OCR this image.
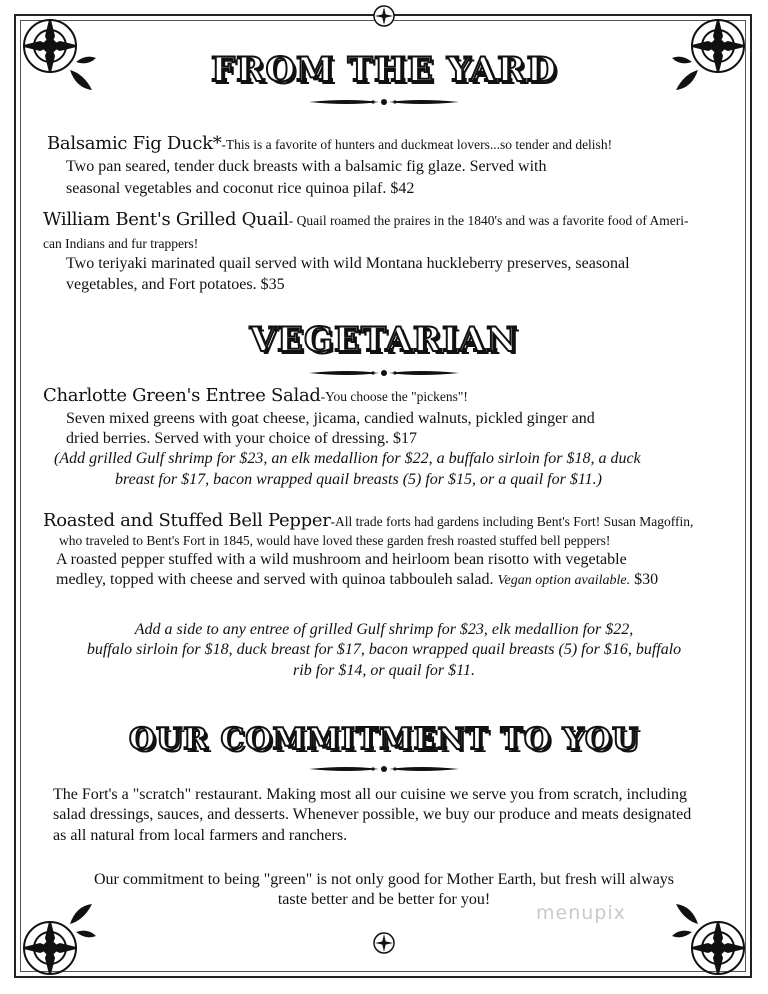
FROM THE YARD
Balsamic Fig Duck*-This is a favorite of hunters and duckmeat lovers...so tender and delish!
Two pan seared, tender duck breasts with a balsamic fig glaze. Served with
seasonal vegetables and coconut rice quinoa pilaf. $42
William Bent's Grilled Quail- Quail roamed the praires in the 1840's and was a favorite food of Ameri-
can Indians and fur trappers!
Two teriyaki marinated quail served with wild Montana huckleberry preserves, seasonal
vegetables, and Fort potatoes. $35
VEGETARIAN
Charlotte Green's Entree Salad-You choose the "pickens"!
Seven mixed greens with goat cheese, jicama, candied walnuts, pickled ginger and
dried berries. Served with your choice of dressing. $17
(Add grilled Gulf shrimp for $23, an elk medallion for $22, a buffalo sirloin for $18, a duck
breast for $17, bacon wrapped quail breasts (5) for $15, or a quail for $11.)
Roasted and Stuffed Bell Pepper-All trade forts had gardens including Bent's Fort! Susan Magoffin,
who traveled to Bent's Fort in 1845, would have loved these garden fresh roasted stuffed bell peppers!
A roasted pepper stuffed with a wild mushroom and heirloom bean risotto with vegetable
medley, topped with cheese and served with quinoa tabbouleh salad. Vegan option available. $30
Add a side to any entree of grilled Gulf shrimp for $23, elk medallion for $22,
buffalo sirloin for $18, duck breast for $17, bacon wrapped quail breasts (5) for $16, buffalo
rib for $14, or quail for $11.
OUR COMMITMENT TO YOU
The Fort's a "scratch" restaurant. Making most all our cuisine we serve you from scratch, including
salad dressings, sauces, and desserts. Whenever possible, we buy our produce and meats designated
as all natural from local farmers and ranchers.
Our commitment to being "green" is not only good for Mother Earth, but fresh will always
taste better and be better for you!
menupix
